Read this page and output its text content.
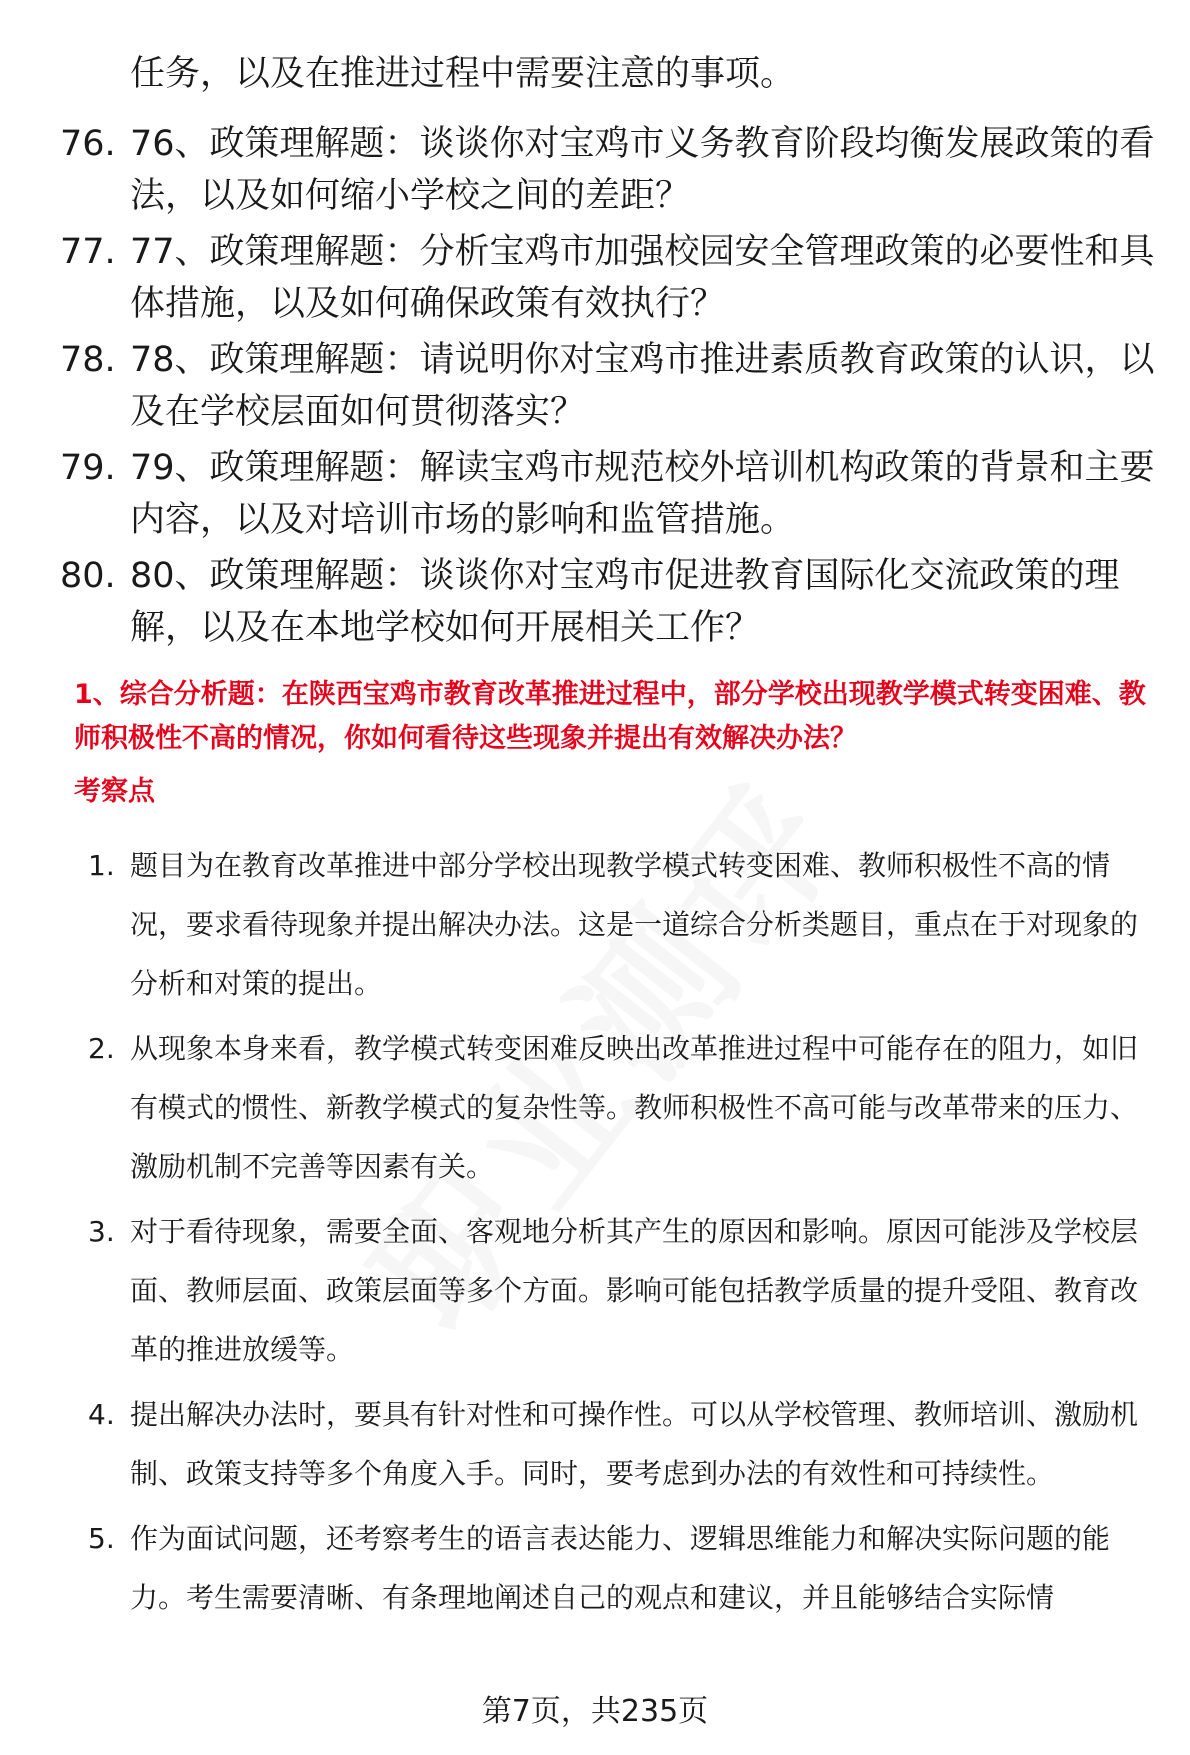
任务，以及在推进过程中需要注意的事项。
76. 76、政策理解题：谈谈你对宝鸡市义务教育阶段均衡发展政策的看法，以及如何缩小学校之间的差距？
77. 77、政策理解题：分析宝鸡市加强校园安全管理政策的必要性和具体措施，以及如何确保政策有效执行？
78. 78、政策理解题：请说明你对宝鸡市推进素质教育政策的认识，以及在学校层面如何贯彻落实？
79. 79、政策理解题：解读宝鸡市规范校外培训机构政策的背景和主要内容，以及对培训市场的影响和监管措施。
80. 80、政策理解题：谈谈你对宝鸡市促进教育国际化交流政策的理解，以及在本地学校如何开展相关工作？
1、综合分析题：在陕西宝鸡市教育改革推进过程中，部分学校出现教学模式转变困难、教师积极性不高的情况，你如何看待这些现象并提出有效解决办法？
考察点
1. 题目为在教育改革推进中部分学校出现教学模式转变困难、教师积极性不高的情况，要求看待现象并提出解决办法。这是一道综合分析类题目，重点在于对现象的分析和对策的提出。
2. 从现象本身来看，教学模式转变困难反映出改革推进过程中可能存在的阻力，如旧有模式的惯性、新教学模式的复杂性等。教师积极性不高可能与改革带来的压力、激励机制不完善等因素有关。
3. 对于看待现象，需要全面、客观地分析其产生的原因和影响。原因可能涉及学校层面、教师层面、政策层面等多个方面。影响可能包括教学质量的提升受阻、教育改革的推进放缓等。
4. 提出解决办法时，要具有针对性和可操作性。可以从学校管理、教师培训、激励机制、政策支持等多个角度入手。同时，要考虑到办法的有效性和可持续性。
5. 作为面试问题，还考察考生的语言表达能力、逻辑思维能力和解决实际问题的能力。考生需要清晰、有条理地阐述自己的观点和建议，并且能够结合实际情
第7页，共235页
